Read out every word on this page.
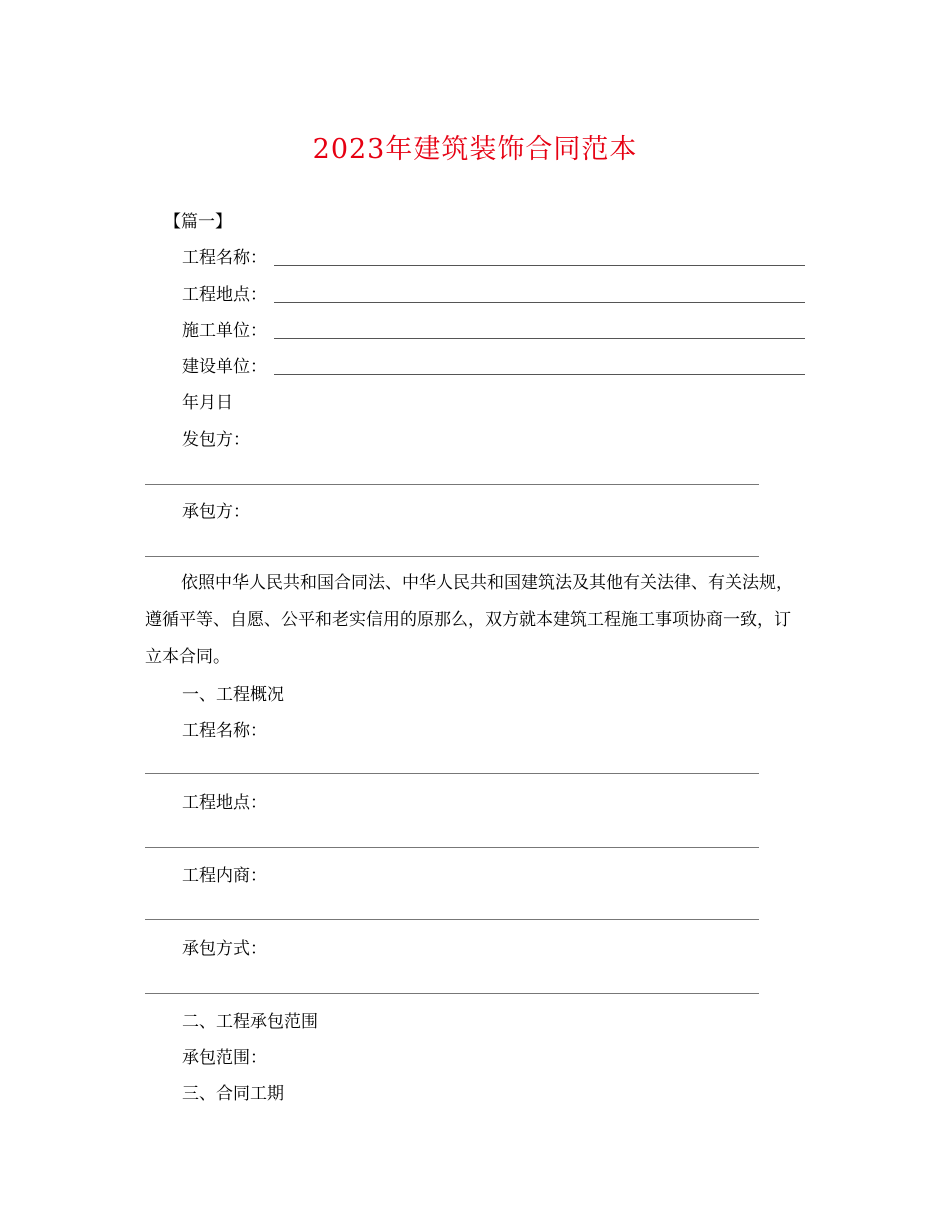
2023年建筑装饰合同范本
【篇一】
工程名称：
工程地点：
施工单位：
建设单位：
年月日
发包方：
承包方：
依照中华人民共和国合同法、中华人民共和国建筑法及其他有关法律、有关法规，遵循平等、自愿、公平和老实信用的原那么，双方就本建筑工程施工事项协商一致，订立本合同。
一、工程概况
工程名称：
工程地点：
工程内商：
承包方式：
二、工程承包范围
承包范围：
三、合同工期
